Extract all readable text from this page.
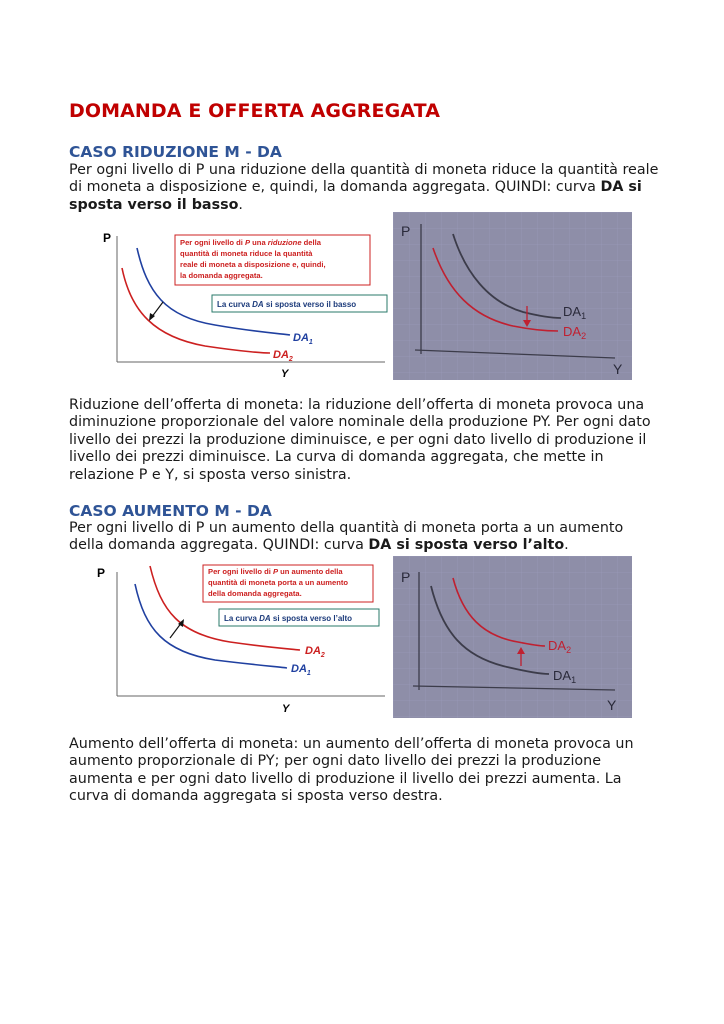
DOMANDA E OFFERTA AGGREGATA
CASO RIDUZIONE M - DA

Per ogni livello di P una riduzione della quantità di moneta riduce la quantità reale di moneta a disposizione e, quindi, la domanda aggregata. QUINDI: curva DA si sposta verso il basso.

P
Y
Per ogni livello di P una riduzione della
quantità di moneta riduce la quantità
reale di moneta a disposizione e, quindi,
la domanda aggregata.
La curva DA si sposta verso il basso
$DA_1$
$DA_2$
P
Y
$DA_1$
$DA_2$

Riduzione dell’offerta di moneta: la riduzione dell’offerta di moneta provoca una diminuzione proporzionale del valore nominale della produzione PY. Per ogni dato livello dei prezzi la produzione diminuisce, e per ogni dato livello di produzione il livello dei prezzi diminuisce. La curva di domanda aggregata, che mette in relazione P e Y, si sposta verso sinistra.

CASO AUMENTO M - DA

Per ogni livello di P un aumento della quantità di moneta porta a un aumento della domanda aggregata. QUINDI: curva DA si sposta verso l’alto.

P
Y
Per ogni livello di P un aumento della
quantità di moneta porta a un aumento
della domanda aggregata.
La curva DA si sposta verso l’alto
$DA_2$
$DA_1$
P
Y
$DA_2$
$DA_1$

Aumento dell’offerta di moneta: un aumento dell’offerta di moneta provoca un aumento proporzionale di PY; per ogni dato livello dei prezzi la produzione aumenta e per ogni dato livello di produzione il livello dei prezzi aumenta. La curva di domanda aggregata si sposta verso destra.
